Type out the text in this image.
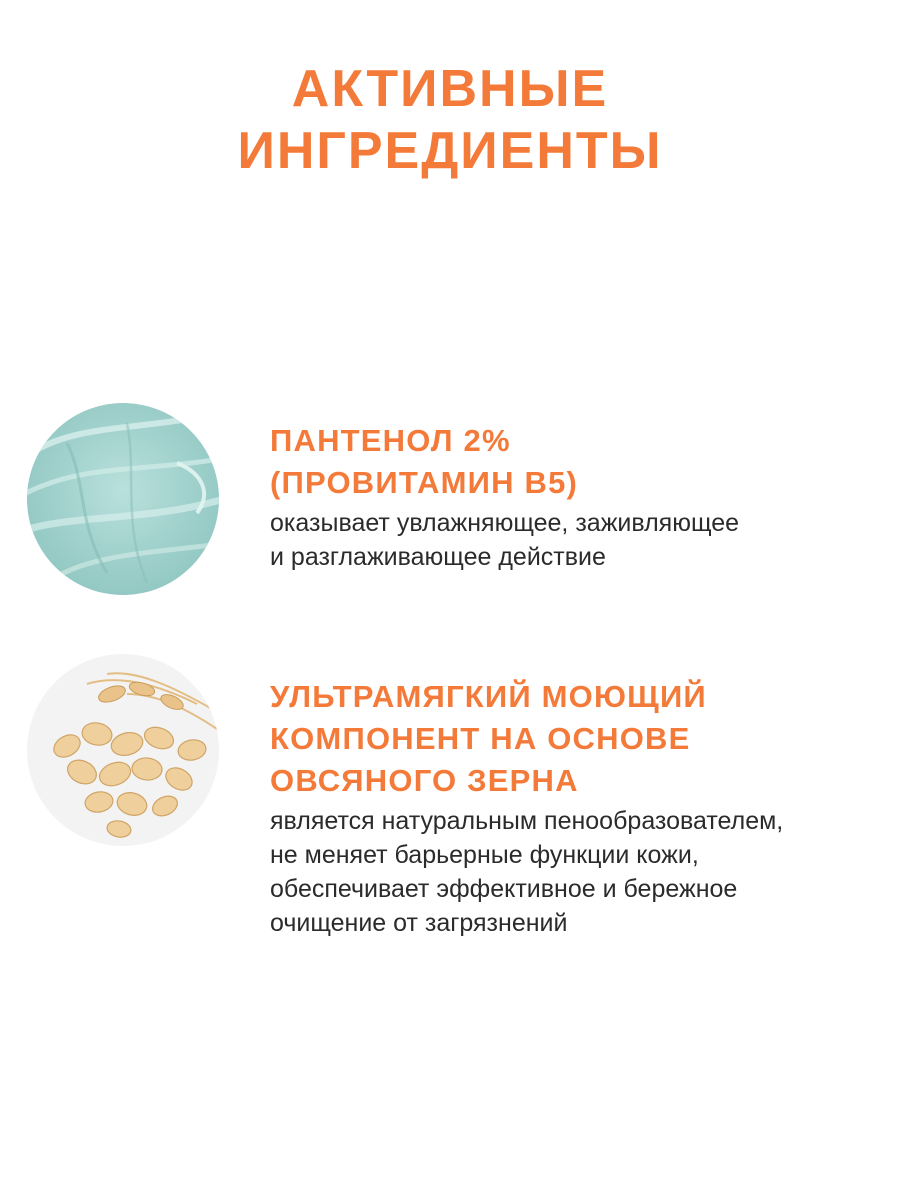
АКТИВНЫЕ
ИНГРЕДИЕНТЫ
ПАНТЕНОЛ 2%
(ПРОВИТАМИН B5)
оказывает увлажняющее, заживляющее
и разглаживающее действие
УЛЬТРАМЯГКИЙ МОЮЩИЙ
КОМПОНЕНТ НА ОСНОВЕ
ОВСЯНОГО ЗЕРНА
является натуральным пенообразователем,
не меняет барьерные функции кожи,
обеспечивает эффективное и бережное
очищение от загрязнений
